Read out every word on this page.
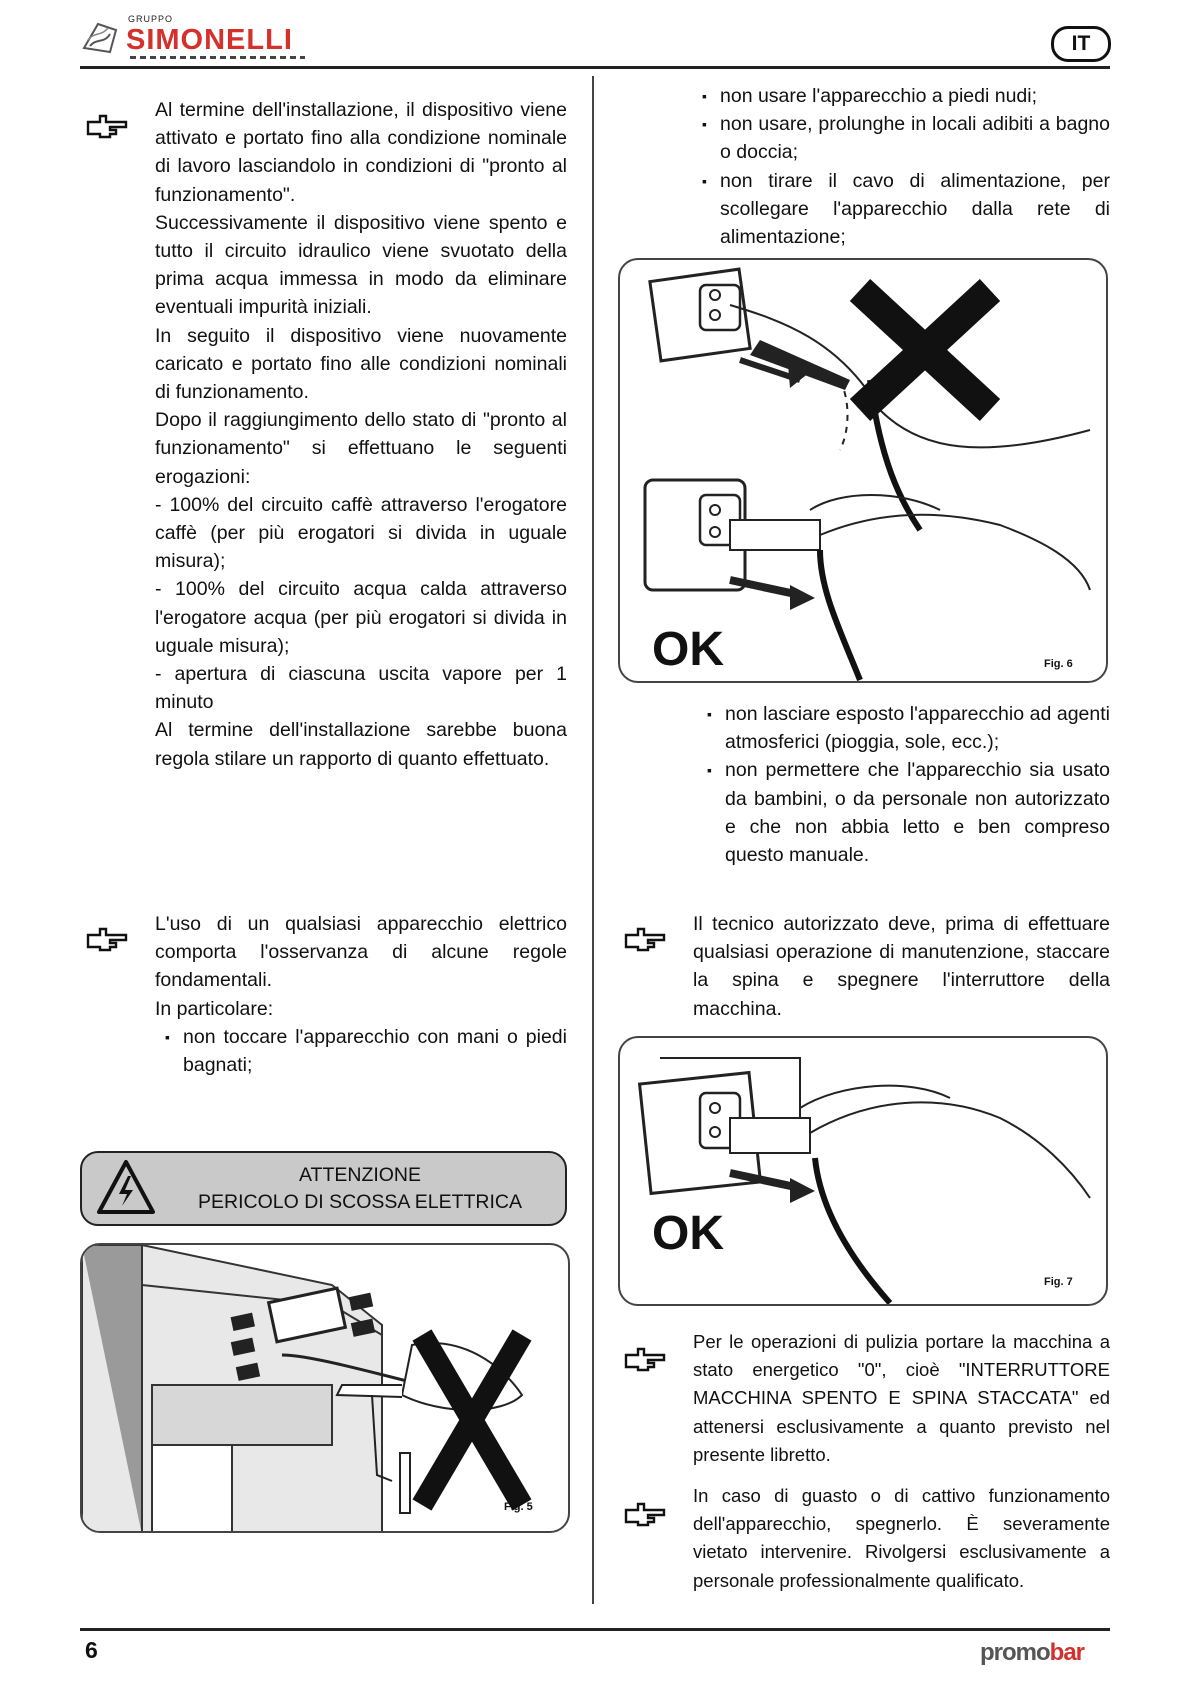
GRUPPO
SIMONELLI	IT

Al termine dell'installazione, il dispositivo viene attivato e portato fino alla condizione nominale di lavoro lasciandolo in condizioni di "pronto al funzionamento".

Successivamente il dispositivo viene spento e tutto il circuito idraulico viene svuotato della prima acqua immessa in modo da eliminare eventuali impurità iniziali.

In seguito il dispositivo viene nuovamente caricato e portato fino alle condizioni nominali di funzionamento.

Dopo il raggiungimento dello stato di "pronto al funzionamento" si effettuano le seguenti erogazioni:

- 100% del circuito caffè attraverso l'erogatore caffè (per più erogatori si divida in uguale misura);

- 100% del circuito acqua calda attraverso l'erogatore acqua (per più erogatori si divida in uguale misura);

- apertura di ciascuna uscita vapore per 1 minuto

Al termine dell'installazione sarebbe buona regola stilare un rapporto di quanto effettuato.

L'uso di un qualsiasi apparecchio elettrico comporta l'osservanza di alcune regole fondamentali.

In particolare:

▪ non toccare l'apparecchio con mani o piedi bagnati;

ATTENZIONE
PERICOLO DI SCOSSA ELETTRICA
Fig. 5

▪ non usare l'apparecchio a piedi nudi;

▪ non usare, prolunghe in locali adibiti a bagno o doccia;

▪ non tirare il cavo di alimentazione, per scollegare l'apparecchio dalla rete di alimentazione;

OK	Fig. 6

▪ non lasciare esposto l'apparecchio ad agenti atmosferici (pioggia, sole, ecc.);

▪ non permettere che l'apparecchio sia usato da bambini, o da personale non autorizzato e che non abbia letto e ben compreso questo manuale.

Il tecnico autorizzato deve, prima di effettuare qualsiasi operazione di manutenzione, staccare la spina e spegnere l'interruttore della macchina.
OK
Fig. 7
Per le operazioni di pulizia portare la macchina a stato energetico "0", cioè "INTERRUTTORE MACCHINA SPENTO E SPINA STACCATA" ed attenersi esclusivamente a quanto previsto nel presente libretto.
In caso di guasto o di cattivo funzionamento dell'apparecchio, spegnerlo. È severamente vietato intervenire. Rivolgersi esclusivamente a personale professionalmente qualificato.
6	promobar
